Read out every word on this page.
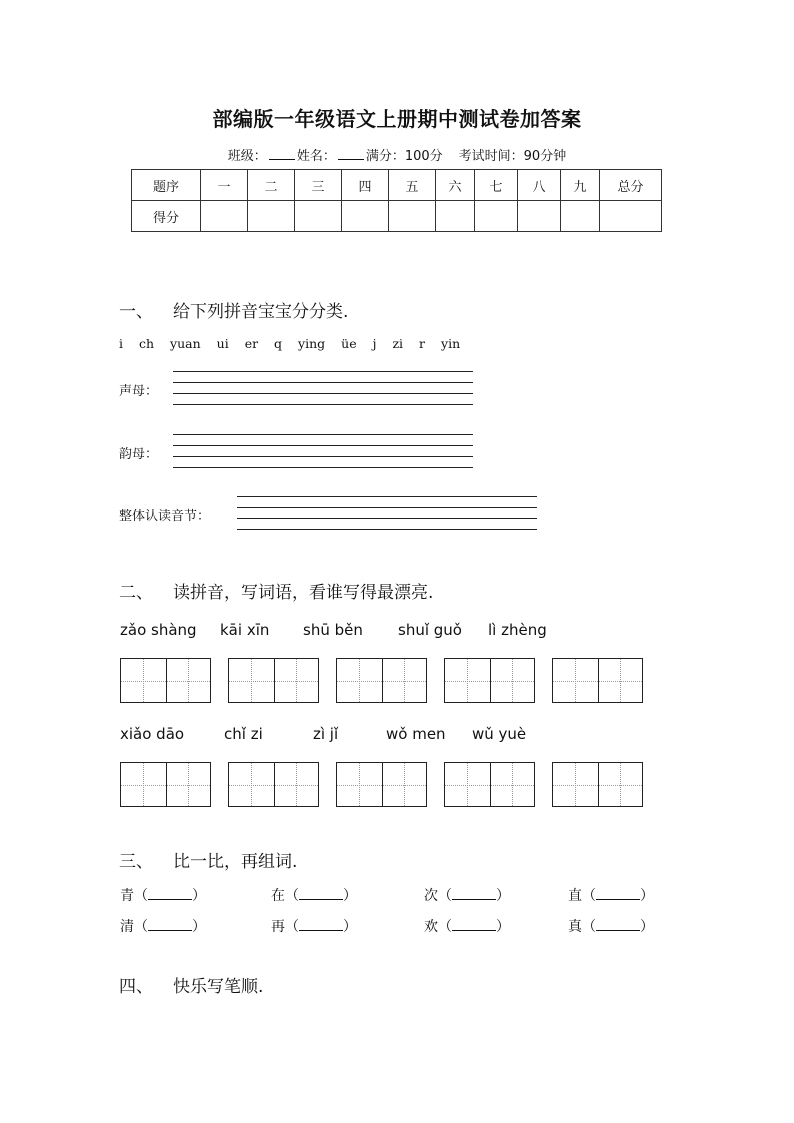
部编版一年级语文上册期中测试卷加答案
班级： 姓名： 满分：100分 考试时间：90分钟
题序	一	二	三	四	五	六	七	八	九	总分
得分										
一、 给下列拼音宝宝分分类.
i ch yuan ui er q ying üe j zi r yin
声母：
韵母：
整体认读音节：
二、 读拼音，写词语，看谁写得最漂亮.
zǎo shàng kāi xīn shū běn shuǐ guǒ lì zhèng
xiǎo dāo	chǐ zi	zì jǐ	wǒ men wǔ yuè
三、 比一比，再组词.
青（	）	在（	）	次（	）	直（	）
清（	）	再（	）	欢（	）	真（	）
四、 快乐写笔顺.
